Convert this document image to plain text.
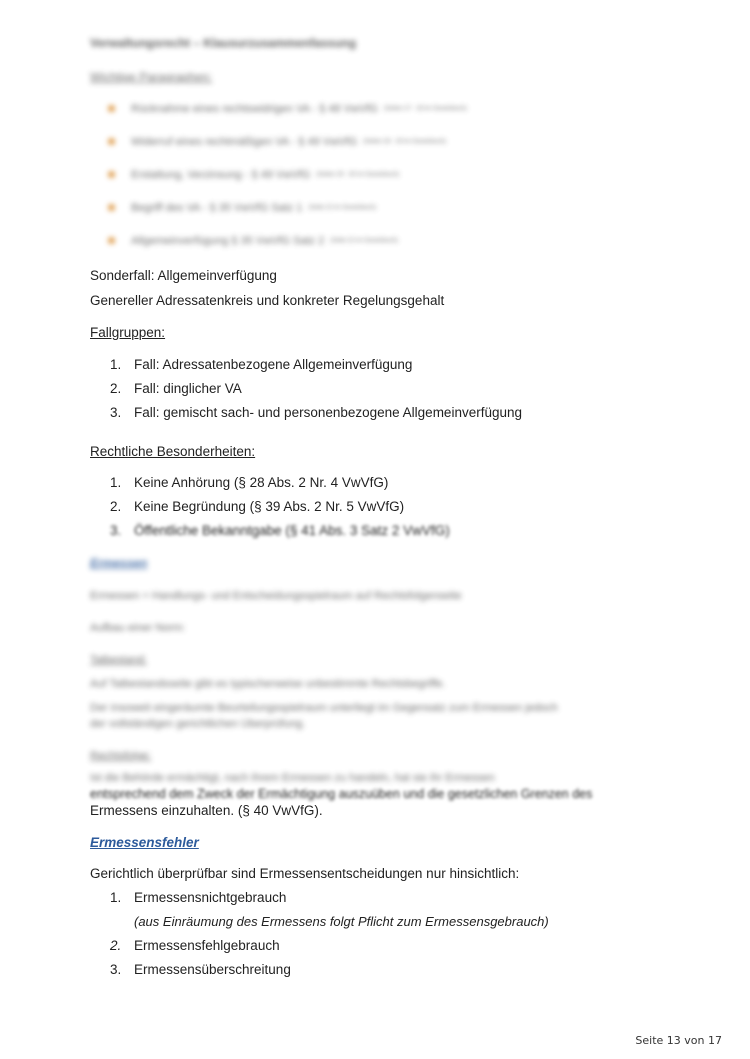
Verwaltungsrecht – Klausurzusammenfassung
Wichtige Paragraphen:
Rücknahme eines rechtswidrigen VA - § 48 VwVfG (Seiten 27 - 28 im Gesetzbuch)
Widerruf eines rechtmäßigen VA - § 49 VwVfG (Seiten 28 - 29 im Gesetzbuch)
Erstattung, Verzinsung - § 49 VwVfG (Seiten 29 - 30 im Gesetzbuch)
Begriff des VA - § 35 VwVfG Satz 1 (Seite 22 im Gesetzbuch)
Allgemeinverfügung § 35 VwVfG Satz 2 (Seite 22 im Gesetzbuch)
Sonderfall: Allgemeinverfügung
Genereller Adressatenkreis und konkreter Regelungsgehalt
Fallgruppen:
1. Fall: Adressatenbezogene Allgemeinverfügung
2. Fall: dinglicher VA
3. Fall: gemischt sach- und personenbezogene Allgemeinverfügung
Rechtliche Besonderheiten:
1. Keine Anhörung (§ 28 Abs. 2 Nr. 4 VwVfG)
2. Keine Begründung (§ 39 Abs. 2 Nr. 5 VwVfG)
3. Öffentliche Bekanntgabe (§ 41 Abs. 3 Satz 2 VwVfG)
Ermessen
Ermessen = Handlungs- und Entscheidungsspielraum auf Rechtsfolgenseite
Aufbau einer Norm:
Tatbestand:
Auf Tatbestandsseite gibt es typischerweise unbestimmte Rechtsbegriffe.
Der insoweit eingeräumte Beurteilungsspielraum unterliegt im Gegensatz zum Ermessen jedoch
der vollständigen gerichtlichen Überprüfung.
Rechtsfolge:
Ist die Behörde ermächtigt, nach ihrem Ermessen zu handeln, hat sie ihr Ermessen
entsprechend dem Zweck der Ermächtigung auszuüben und die gesetzlichen Grenzen des
Ermessens einzuhalten. (§ 40 VwVfG).
Ermessensfehler
Gerichtlich überprüfbar sind Ermessensentscheidungen nur hinsichtlich:
1. Ermessensnichtgebrauch
(aus Einräumung des Ermessens folgt Pflicht zum Ermessensgebrauch)
2. Ermessensfehlgebrauch
3. Ermessensüberschreitung
Seite 13 von 17
